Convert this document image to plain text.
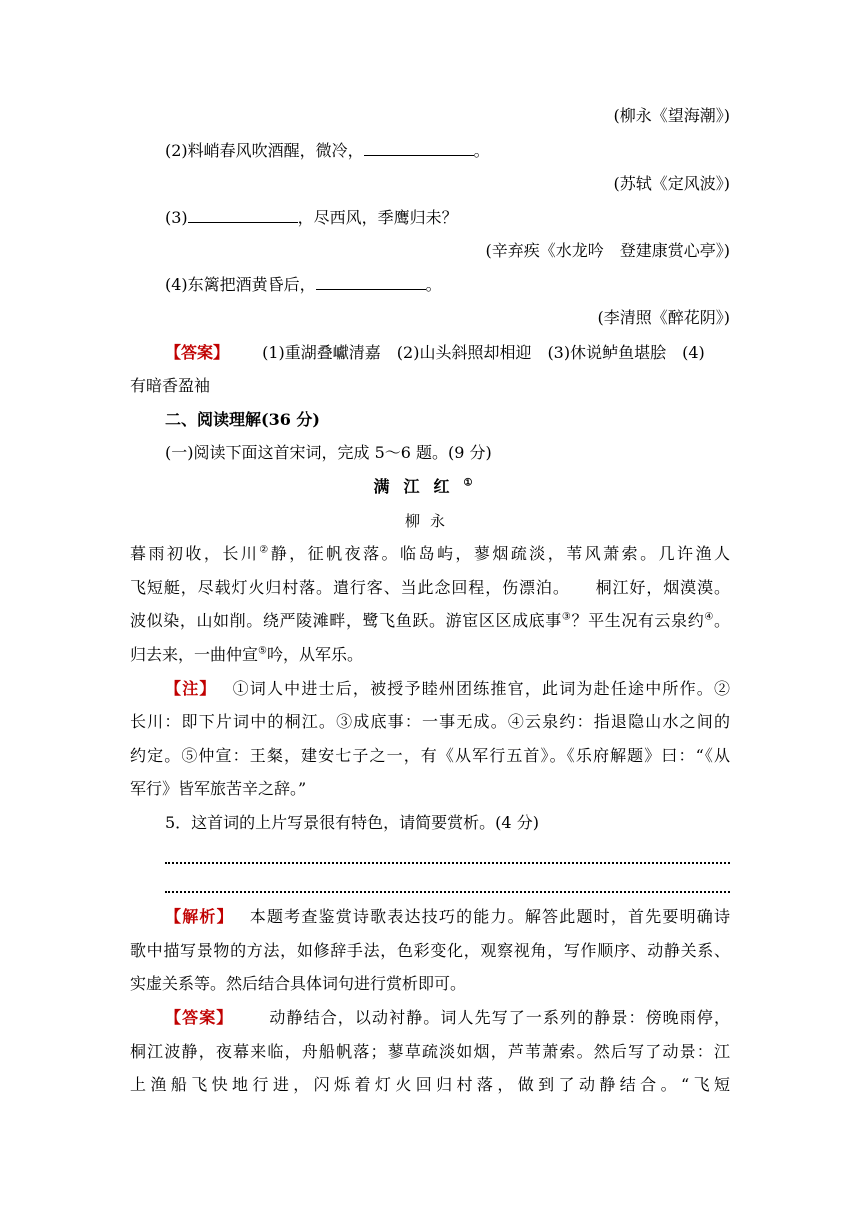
(柳永《望海潮》)
(2)料峭春风吹酒醒，微冷，	。
(苏轼《定风波》)
(3)	，尽西风，季鹰归未？
(辛弃疾《水龙吟　登建康赏心亭》)
(4)东篱把酒黄昏后，	。
(李清照《醉花阴》)
【答案】 (1)重湖叠巘清嘉　(2)山头斜照却相迎　(3)休说鲈鱼堪脍　(4)
有暗香盈袖
二、阅读理解(36 分)
(一)阅读下面这首宋词，完成 5～6 题。(9 分)
满江红①
柳永
暮雨初收，长川②静，征帆夜落。临岛屿，蓼烟疏淡，苇风萧索。几许渔人
飞短艇，尽载灯火归村落。遣行客、当此念回程，伤漂泊。　　桐江好，烟漠漠。
波似染，山如削。绕严陵滩畔，鹭飞鱼跃。游宦区区成底事③？平生况有云泉约④。
归去来，一曲仲宣⑤吟，从军乐。
【注】 ①词人中进士后，被授予睦州团练推官，此词为赴任途中所作。②
长川：即下片词中的桐江。③成底事：一事无成。④云泉约：指退隐山水之间的
约定。⑤仲宣：王粲，建安七子之一，有《从军行五首》。《乐府解题》曰：“《从
军行》皆军旅苦辛之辞。”
5．这首词的上片写景很有特色，请简要赏析。(4 分)
【解析】 本题考查鉴赏诗歌表达技巧的能力。解答此题时，首先要明确诗
歌中描写景物的方法，如修辞手法，色彩变化，观察视角，写作顺序、动静关系、
实虚关系等。然后结合具体词句进行赏析即可。
【答案】 动静结合，以动衬静。词人先写了一系列的静景：傍晚雨停，
桐江波静，夜幕来临，舟船帆落；蓼草疏淡如烟，芦苇萧索。然后写了动景：江
上渔船飞快地行进，闪烁着灯火回归村落，做到了动静结合。“飞短
